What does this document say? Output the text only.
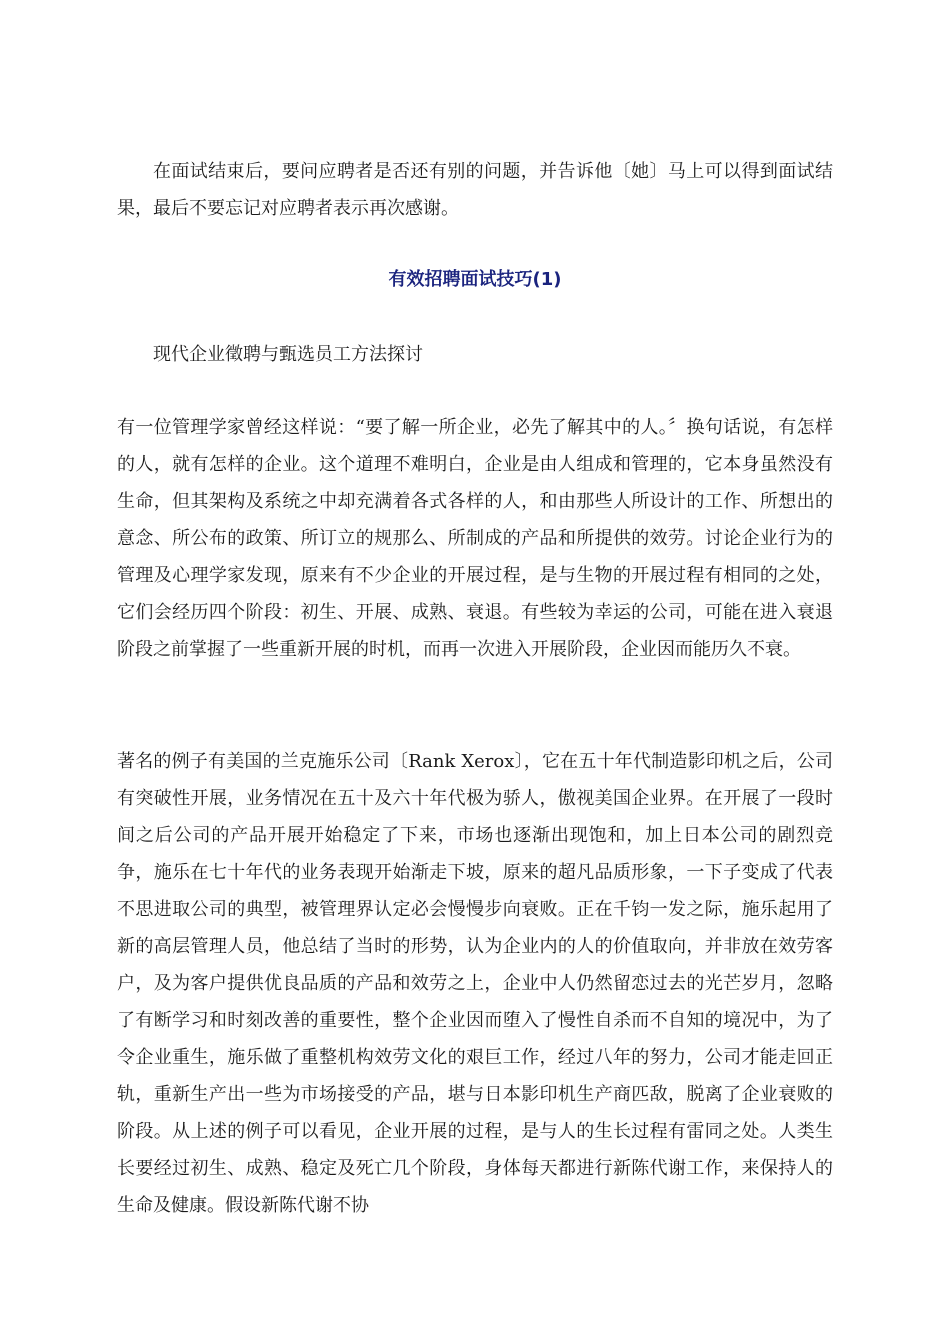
在面试结束后，要问应聘者是否还有别的问题，并告诉他〔她〕马上可以得到面试结果，最后不要忘记对应聘者表示再次感谢。

有效招聘面试技巧(1)

现代企业徵聘与甄选员工方法探讨

有一位管理学家曾经这样说：“要了解一所企业，必先了解其中的人。〞换句话说，有怎样的人，就有怎样的企业。这个道理不难明白，企业是由人组成和管理的，它本身虽然没有生命，但其架构及系统之中却充满着各式各样的人，和由那些人所设计的工作、所想出的意念、所公布的政策、所订立的规那么、所制成的产品和所提供的效劳。讨论企业行为的管理及心理学家发现，原来有不少企业的开展过程，是与生物的开展过程有相同的之处，它们会经历四个阶段：初生、开展、成熟、衰退。有些较为幸运的公司，可能在进入衰退阶段之前掌握了一些重新开展的时机，而再一次进入开展阶段，企业因而能历久不衰。

著名的例子有美国的兰克施乐公司〔Rank Xerox〕，它在五十年代制造影印机之后，公司有突破性开展，业务情况在五十及六十年代极为骄人，傲视美国企业界。在开展了一段时间之后公司的产品开展开始稳定了下来，市场也逐渐出现饱和，加上日本公司的剧烈竞争，施乐在七十年代的业务表现开始渐走下坡，原来的超凡品质形象，一下子变成了代表不思进取公司的典型，被管理界认定必会慢慢步向衰败。正在千钧一发之际，施乐起用了新的高层管理人员，他总结了当时的形势，认为企业内的人的价值取向，并非放在效劳客户，及为客户提供优良品质的产品和效劳之上，企业中人仍然留恋过去的光芒岁月，忽略了有断学习和时刻改善的重要性，整个企业因而堕入了慢性自杀而不自知的境况中，为了令企业重生，施乐做了重整机构效劳文化的艰巨工作，经过八年的努力，公司才能走回正轨，重新生产出一些为市场接受的产品，堪与日本影印机生产商匹敌，脱离了企业衰败的阶段。从上述的例子可以看见，企业开展的过程，是与人的生长过程有雷同之处。人类生长要经过初生、成熟、稳定及死亡几个阶段，身体每天都进行新陈代谢工作，来保持人的生命及健康。假设新陈代谢不协
